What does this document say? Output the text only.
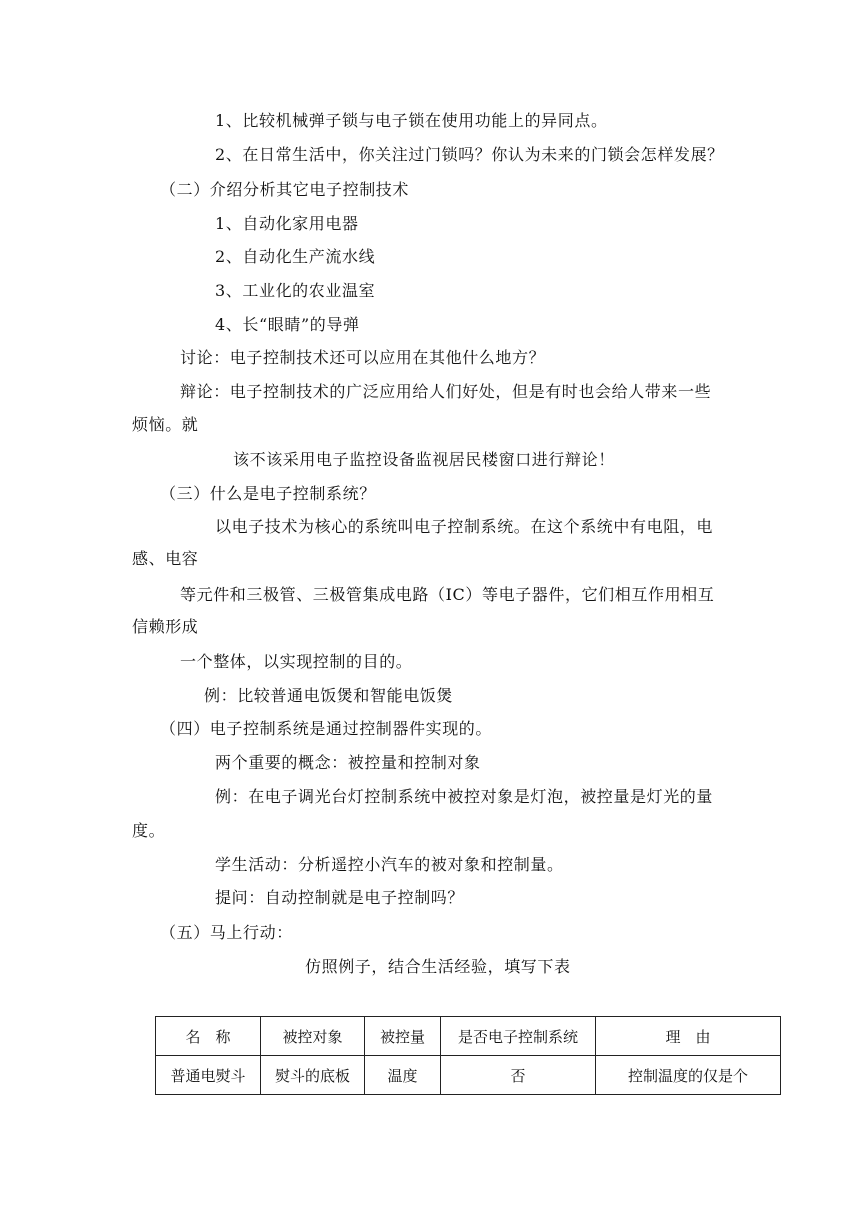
1、比较机械弹子锁与电子锁在使用功能上的异同点。
2、在日常生活中，你关注过门锁吗？你认为未来的门锁会怎样发展？
（二）介绍分析其它电子控制技术
1、自动化家用电器
2、自动化生产流水线
3、工业化的农业温室
4、长“眼睛”的导弹
讨论：电子控制技术还可以应用在其他什么地方？
辩论：电子控制技术的广泛应用给人们好处，但是有时也会给人带来一些
烦恼。就
该不该采用电子监控设备监视居民楼窗口进行辩论！
（三）什么是电子控制系统？
以电子技术为核心的系统叫电子控制系统。在这个系统中有电阻，电
感、电容
等元件和三极管、三极管集成电路（IC）等电子器件，它们相互作用相互
信赖形成
一个整体，以实现控制的目的。
例：比较普通电饭煲和智能电饭煲
（四）电子控制系统是通过控制器件实现的。
两个重要的概念：被控量和控制对象
例：在电子调光台灯控制系统中被控对象是灯泡，被控量是灯光的量
度。
学生活动：分析遥控小汽车的被对象和控制量。
提问：自动控制就是电子控制吗？
（五）马上行动：
仿照例子，结合生活经验，填写下表
名　称	被控对象	被控量	是否电子控制系统	理　由
普通电熨斗	熨斗的底板	温度	否	控制温度的仅是个
